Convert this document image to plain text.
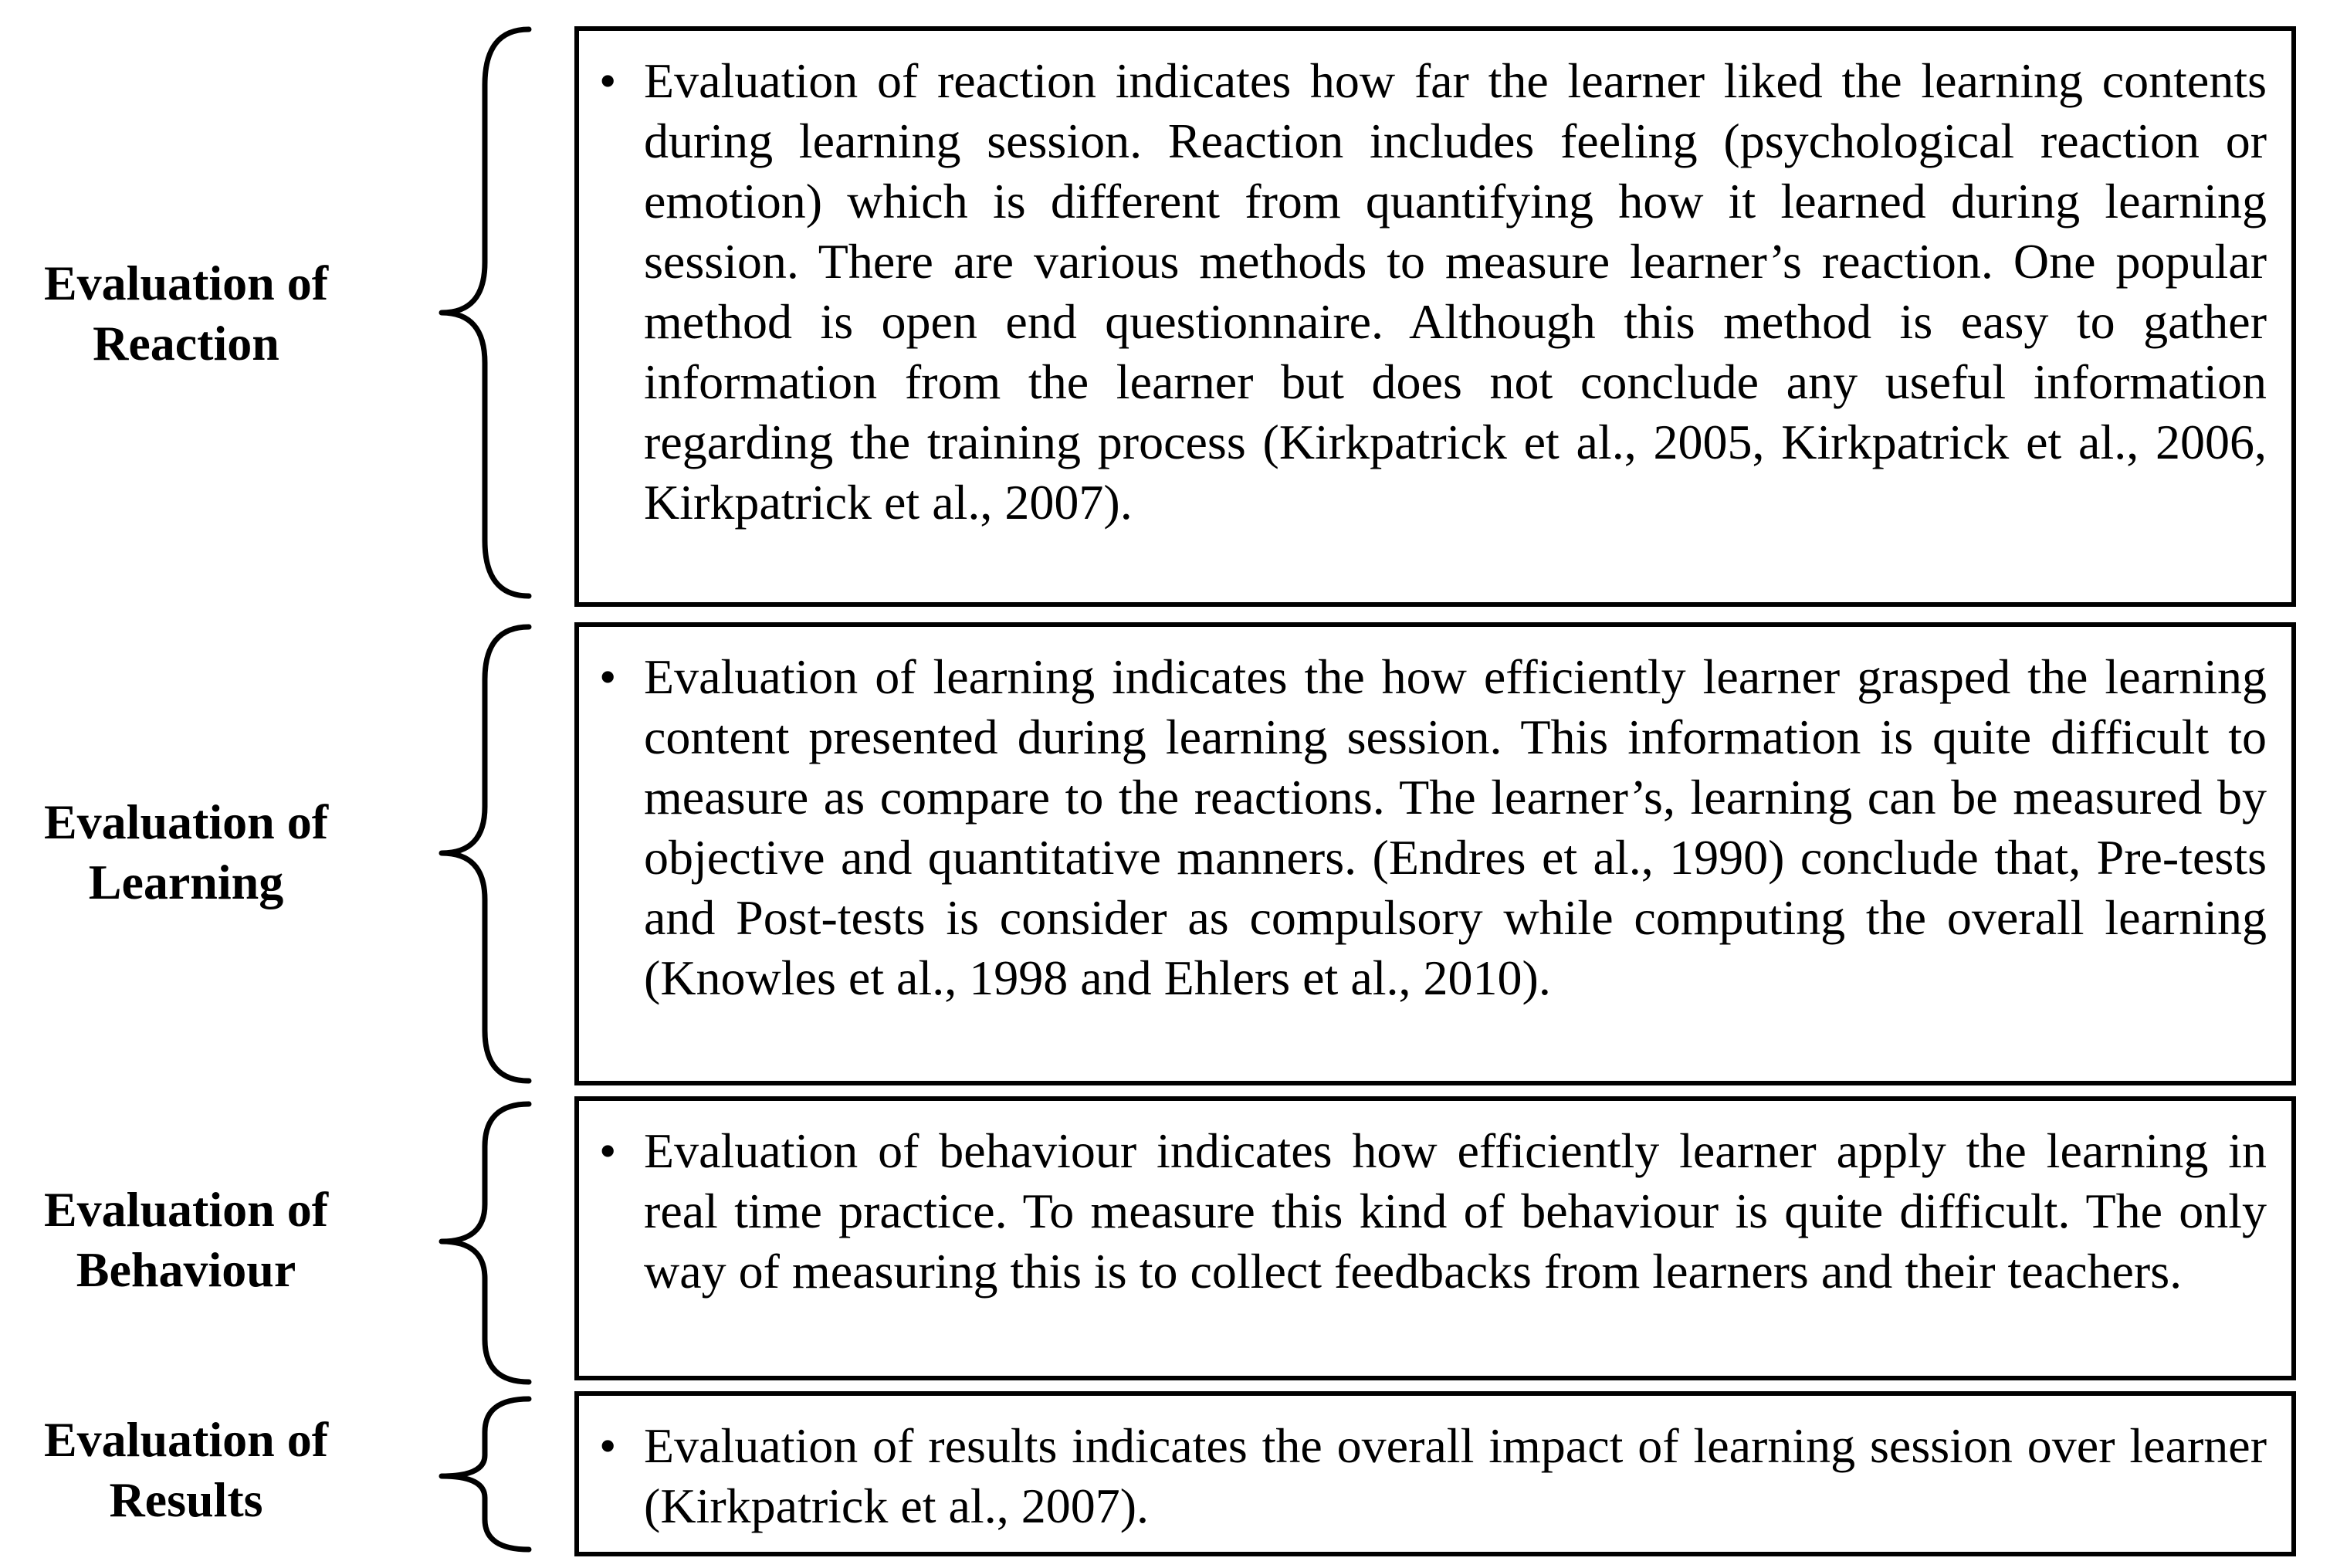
Evaluation of
Reaction
• Evaluation of reaction indicates how far the learner liked the learning contents during learning session. Reaction includes feeling (psychological reaction or emotion) which is different from quantifying how it learned during learning session. There are various methods to measure learner’s reaction. One popular method is open end questionnaire. Although this method is easy to gather information from the learner but does not conclude any useful information regarding the training process (Kirkpatrick et al., 2005, Kirkpatrick et al., 2006, Kirkpatrick et al., 2007).
Evaluation of
Learning
• Evaluation of learning indicates the how efficiently learner grasped the learning content presented during learning session. This information is quite difficult to measure as compare to the reactions. The learner’s, learning can be measured by objective and quantitative manners. (Endres et al., 1990) conclude that, Pre-tests and Post-tests is consider as compulsory while computing the overall learning (Knowles et al., 1998 and Ehlers et al., 2010).
Evaluation of
Behaviour
• Evaluation of behaviour indicates how efficiently learner apply the learning in real time practice. To measure this kind of behaviour is quite difficult. The only way of measuring this is to collect feedbacks from learners and their teachers.
Evaluation of
Results
• Evaluation of results indicates the overall impact of learning session over learner (Kirkpatrick et al., 2007).
